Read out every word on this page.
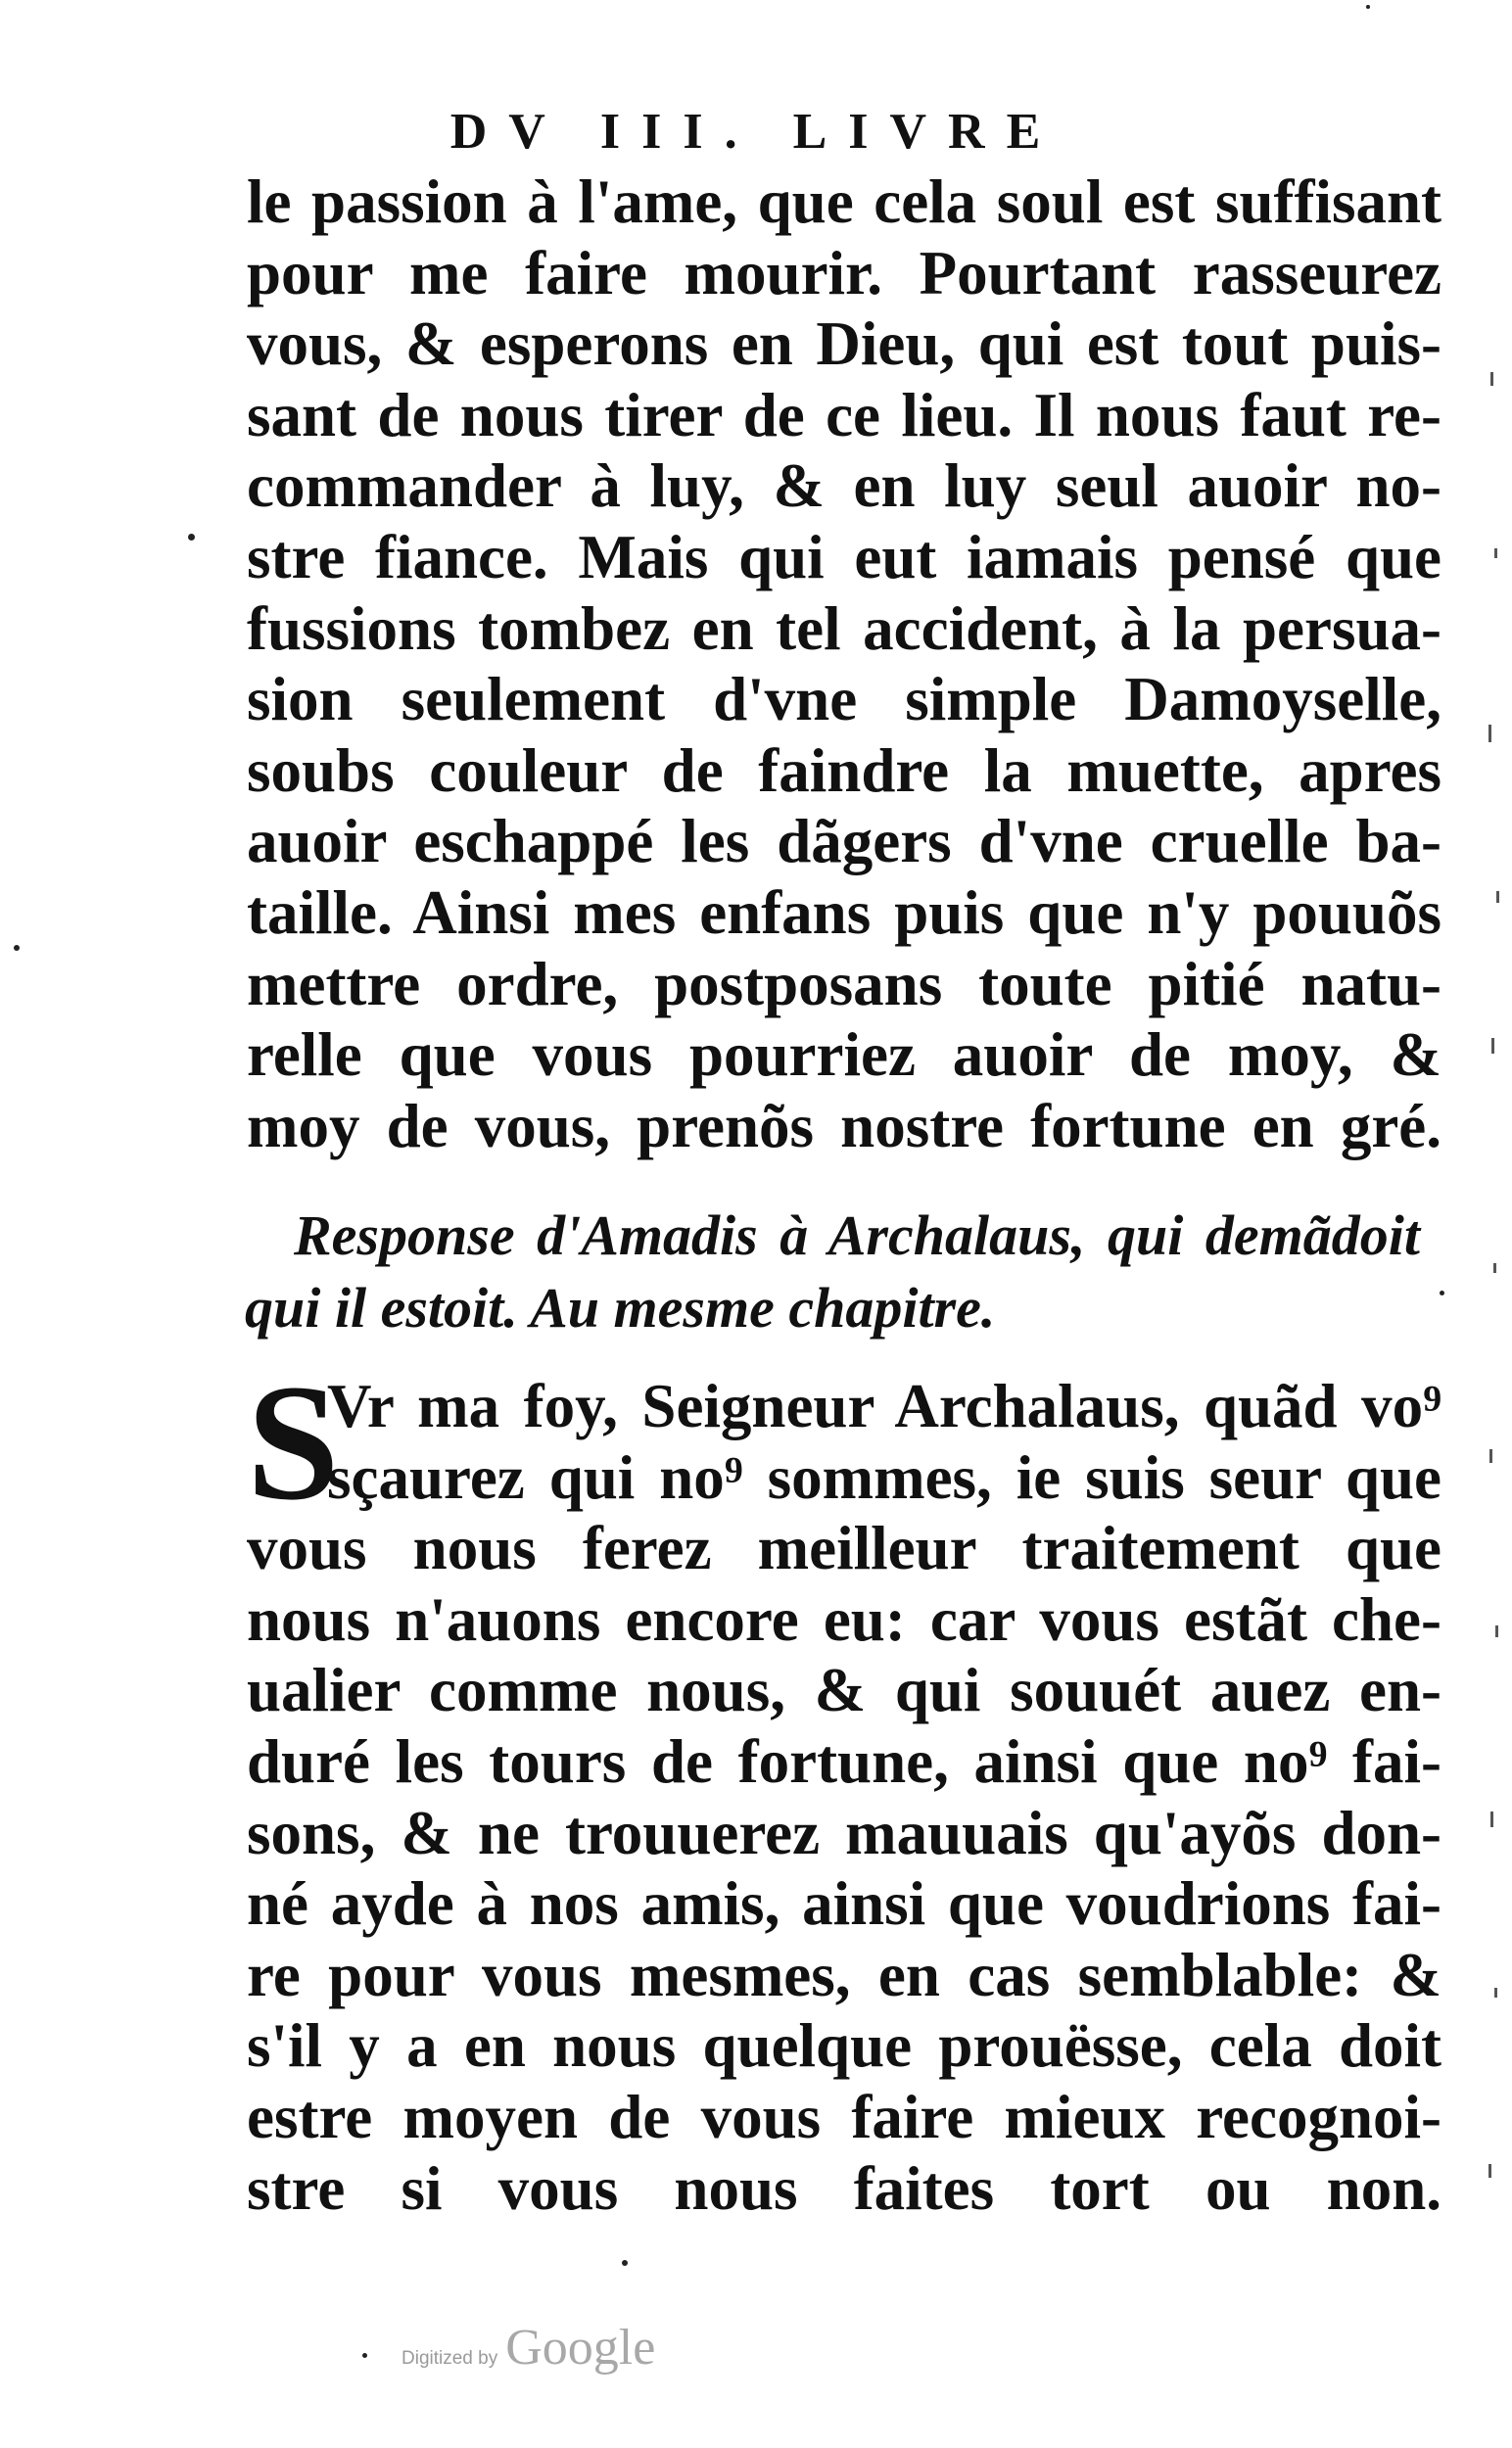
DV III. LIVRE
le passion à l'ame, que cela soul est suffisant
pour me faire mourir. Pourtant rasseurez
vous, & esperons en Dieu, qui est tout puis-
sant de nous tirer de ce lieu. Il nous faut re-
commander à luy, & en luy seul auoir no-
stre fiance. Mais qui eut iamais pensé que
fussions tombez en tel accident, à la persua-
sion seulement d'vne simple Damoyselle,
soubs couleur de faindre la muette, apres
auoir eschappé les dãgers d'vne cruelle ba-
taille. Ainsi mes enfans puis que n'y pouuõs
mettre ordre, postposans toute pitié natu-
relle que vous pourriez auoir de moy, &
moy de vous, prenõs nostre fortune en gré.
Response d'Amadis à Archalaus, qui demãdoit
qui il estoit. Au mesme chapitre.
S
Vr ma foy, Seigneur Archalaus, quãd vo⁹
sçaurez qui no⁹ sommes, ie suis seur que
vous nous ferez meilleur traitement que
nous n'auons encore eu: car vous estãt che-
ualier comme nous, & qui souuét auez en-
duré les tours de fortune, ainsi que no⁹ fai-
sons, & ne trouuerez mauuais qu'ayõs don-
né ayde à nos amis, ainsi que voudrions fai-
re pour vous mesmes, en cas semblable: &
s'il y a en nous quelque prouësse, cela doit
estre moyen de vous faire mieux recognoi-
stre si vous nous faites tort ou non.
Digitized by Google
